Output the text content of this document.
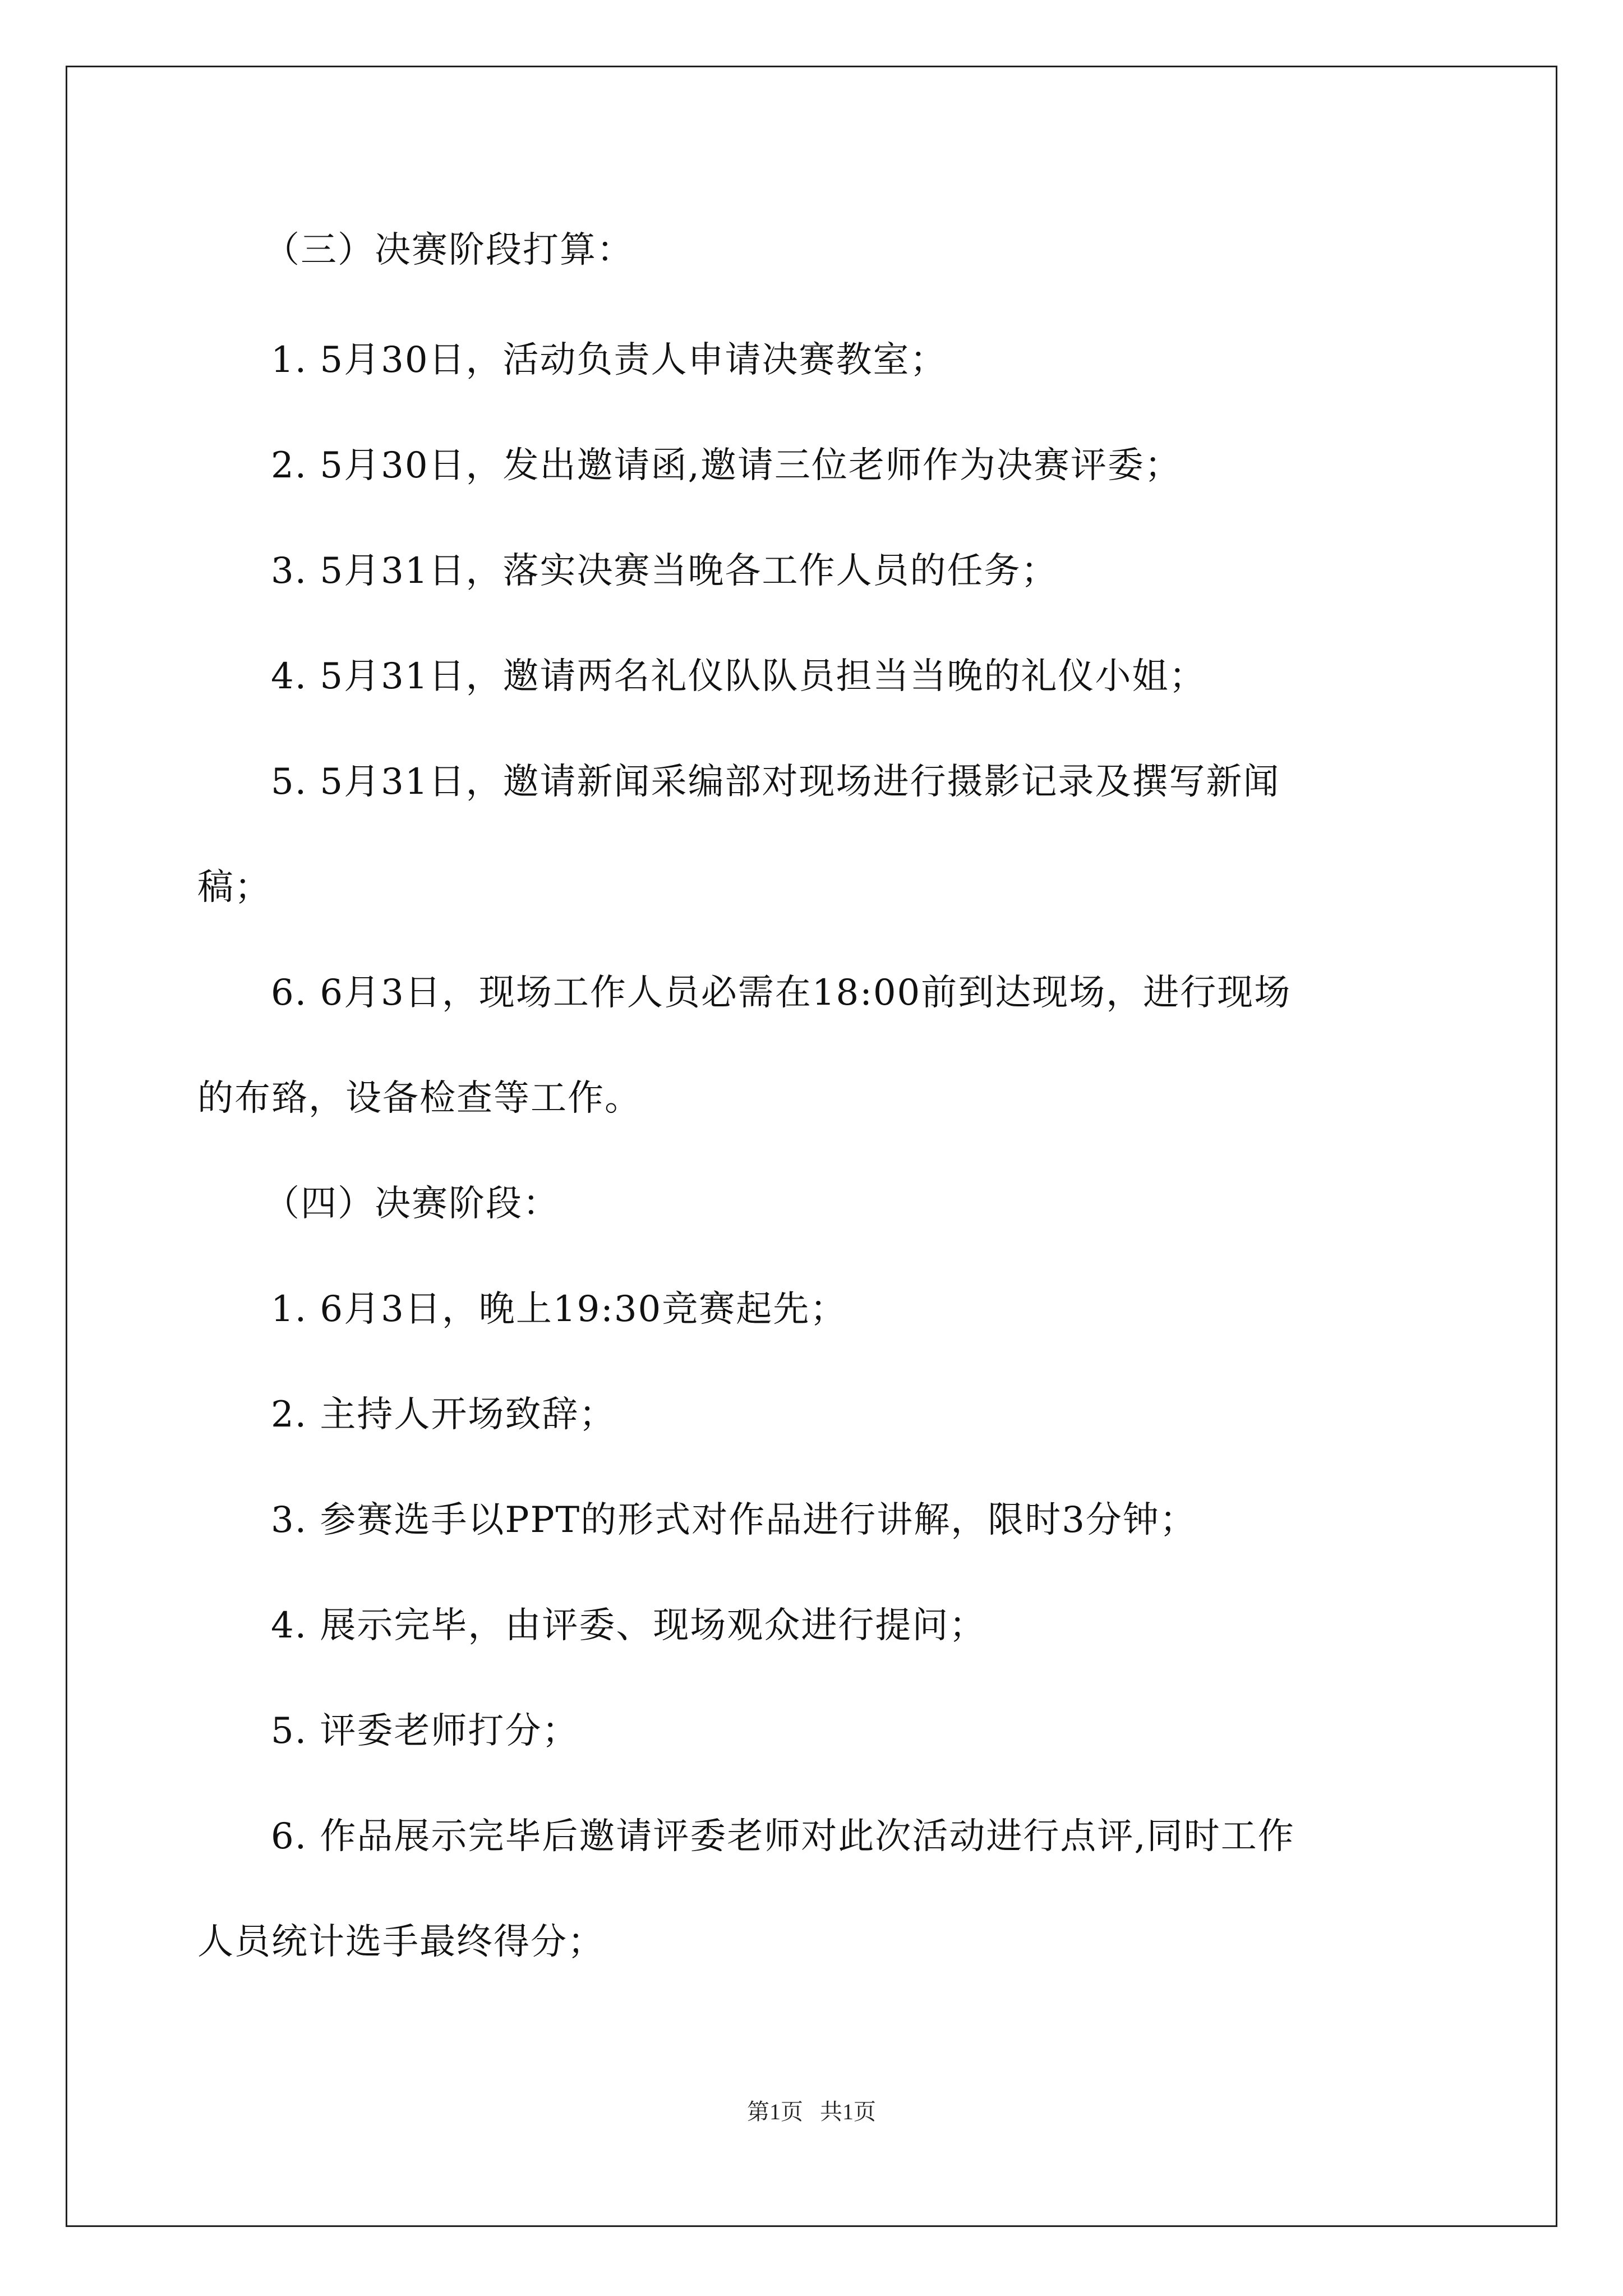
（三）决赛阶段打算：
1. 5月30日，活动负责人申请决赛教室；
2. 5月30日，发出邀请函,邀请三位老师作为决赛评委；
3. 5月31日，落实决赛当晚各工作人员的任务；
4. 5月31日，邀请两名礼仪队队员担当当晚的礼仪小姐；
5. 5月31日，邀请新闻采编部对现场进行摄影记录及撰写新闻
稿；
6. 6月3日，现场工作人员必需在18:00前到达现场，进行现场
的布臵，设备检查等工作。
（四）决赛阶段：
1. 6月3日，晚上19:30竞赛起先；
2. 主持人开场致辞；
3. 参赛选手以PPT的形式对作品进行讲解，限时3分钟；
4. 展示完毕，由评委、现场观众进行提问；
5. 评委老师打分；
6. 作品展示完毕后邀请评委老师对此次活动进行点评,同时工作
人员统计选手最终得分；
第1页   共1页
